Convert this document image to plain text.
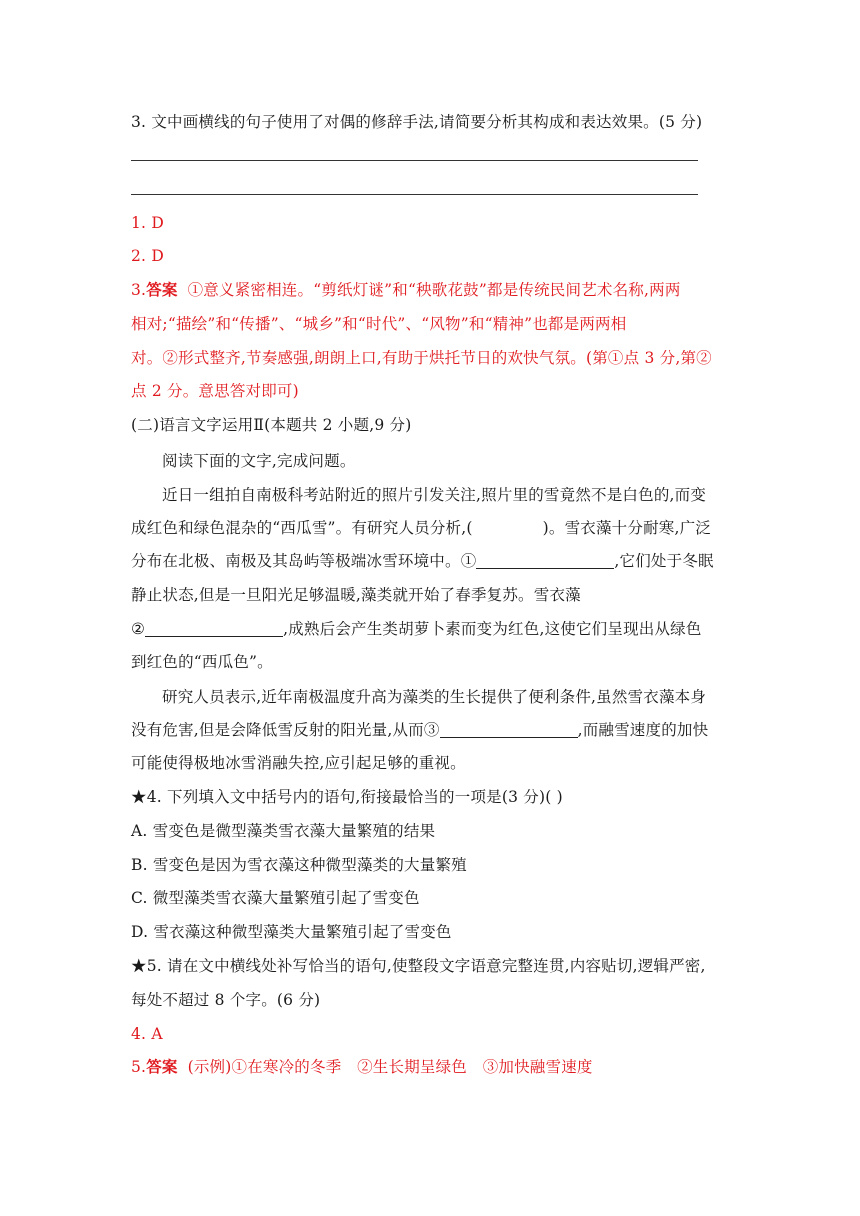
3. 文中画横线的句子使用了对偶的修辞手法,请简要分析其构成和表达效果。(5 分)
1. D
2. D
3.答案 ①意义紧密相连。“剪纸灯谜”和“秧歌花鼓”都是传统民间艺术名称,两两
相对;“描绘”和“传播”、“城乡”和“时代”、“风物”和“精神”也都是两两相
对。②形式整齐,节奏感强,朗朗上口,有助于烘托节日的欢快气氛。(第①点 3 分,第②
点 2 分。意思答对即可)
(二)语言文字运用Ⅱ(本题共 2 小题,9 分)
阅读下面的文字,完成问题。
近日一组拍自南极科考站附近的照片引发关注,照片里的雪竟然不是白色的,而变
成红色和绿色混杂的“西瓜雪”。有研究人员分析,(	)。雪衣藻十分耐寒,广泛
分布在北极、南极及其岛屿等极端冰雪环境中。①	,它们处于冬眠
静止状态,但是一旦阳光足够温暖,藻类就开始了春季复苏。雪衣藻
②	,成熟后会产生类胡萝卜素而变为红色,这使它们呈现出从绿色
到红色的“西瓜色”。
研究人员表示,近年南极温度升高为藻类的生长提供了便利条件,虽然雪衣藻本身
没有危害,但是会降低雪反射的阳光量,从而③	,而融雪速度的加快
可能使得极地冰雪消融失控,应引起足够的重视。
★4. 下列填入文中括号内的语句,衔接最恰当的一项是(3 分)( )
A. 雪变色是微型藻类雪衣藻大量繁殖的结果
B. 雪变色是因为雪衣藻这种微型藻类的大量繁殖
C. 微型藻类雪衣藻大量繁殖引起了雪变色
D. 雪衣藻这种微型藻类大量繁殖引起了雪变色
★5. 请在文中横线处补写恰当的语句,使整段文字语意完整连贯,内容贴切,逻辑严密,
每处不超过 8 个字。(6 分)
4. A
5.答案 (示例)①在寒冷的冬季　②生长期呈绿色　③加快融雪速度
